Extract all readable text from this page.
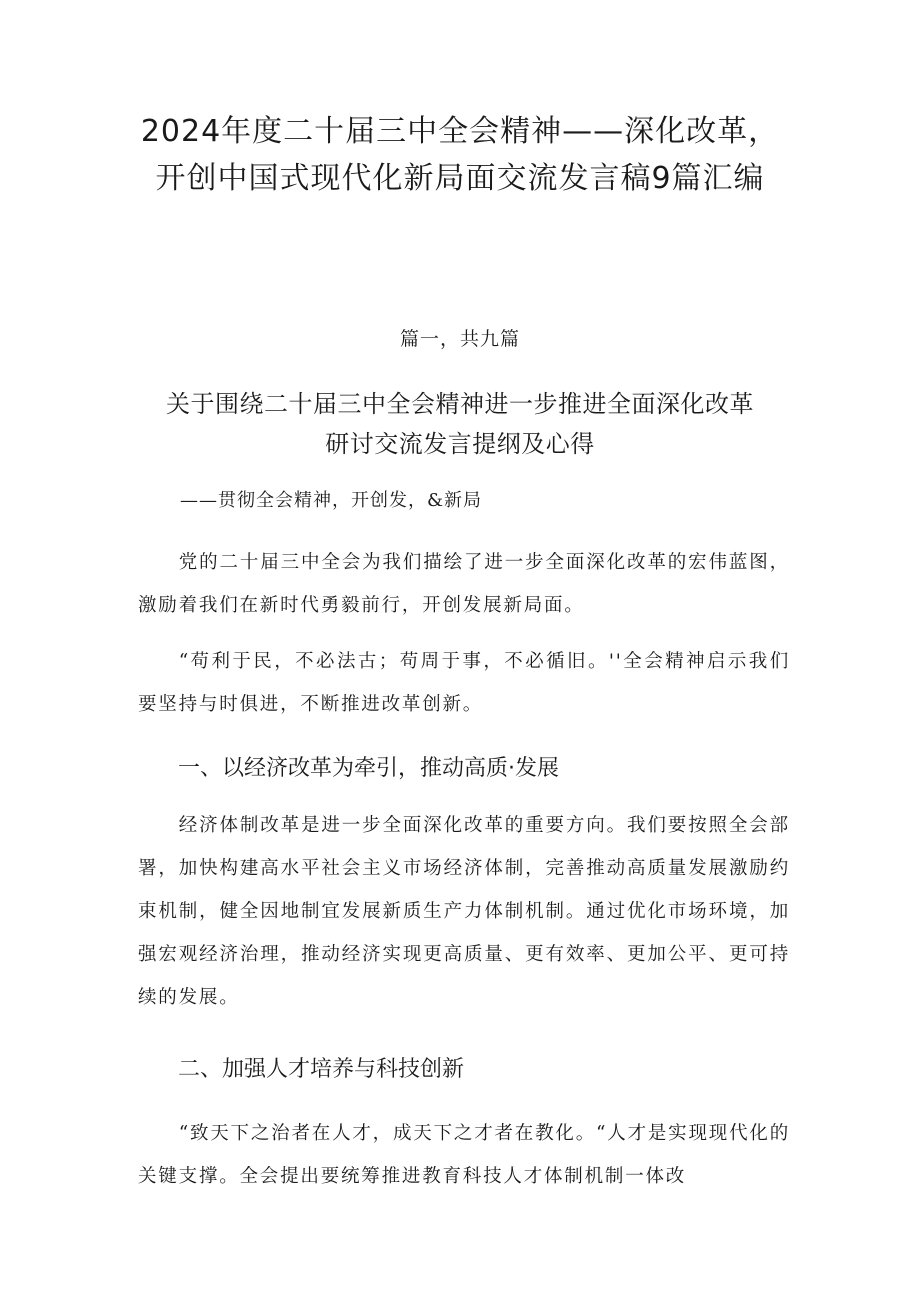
2024年度二十届三中全会精神——深化改革，开创中国式现代化新局面交流发言稿9篇汇编
篇一，共九篇
关于围绕二十届三中全会精神进一步推进全面深化改革研讨交流发言提纲及心得
——贯彻全会精神，开创发，&新局

党的二十届三中全会为我们描绘了进一步全面深化改革的宏伟蓝图，激励着我们在新时代勇毅前行，开创发展新局面。

“苟利于民，不必法古；苟周于事，不必循旧。''全会精神启示我们要坚持与时俱进，不断推进改革创新。

一、以经济改革为牵引，推动高质·发展

经济体制改革是进一步全面深化改革的重要方向。我们要按照全会部署，加快构建高水平社会主义市场经济体制，完善推动高质量发展激励约束机制，健全因地制宜发展新质生产力体制机制。通过优化市场环境，加强宏观经济治理，推动经济实现更高质量、更有效率、更加公平、更可持续的发展。

二、加强人才培养与科技创新

“致天下之治者在人才，成天下之才者在教化。“人才是实现现代化的关键支撑。全会提出要统筹推进教育科技人才体制机制一体改
